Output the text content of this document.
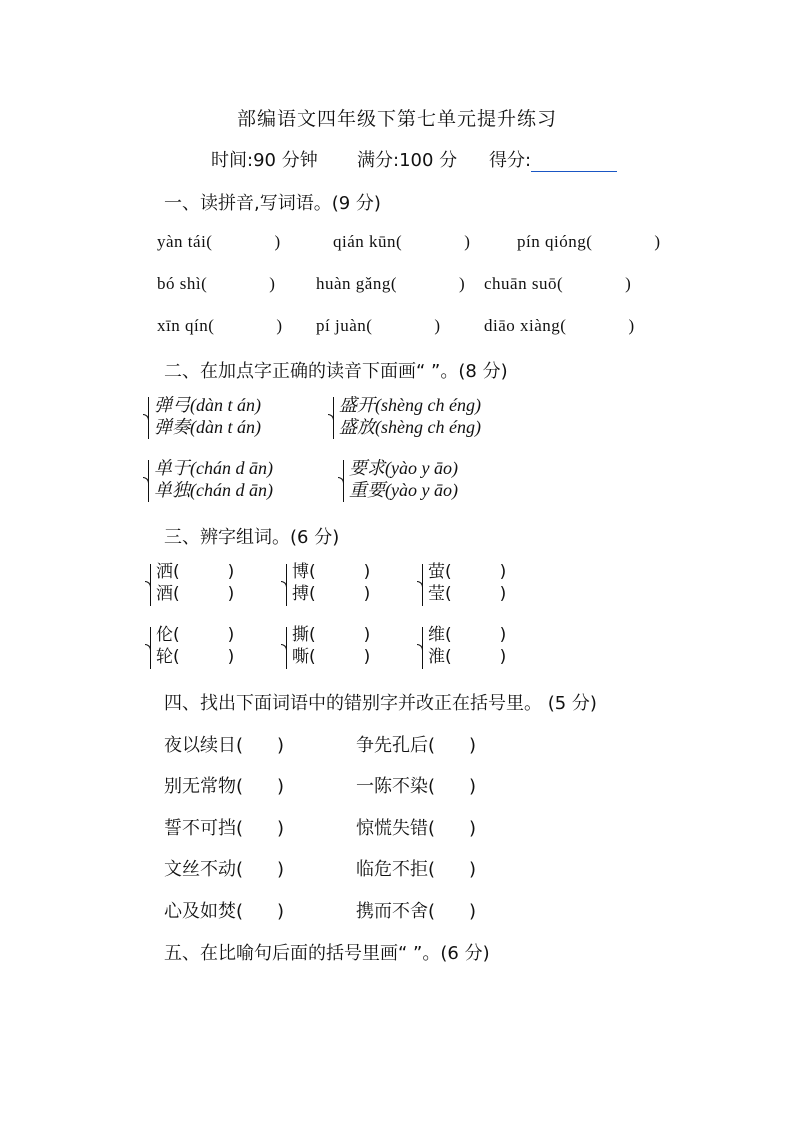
部编语文四年级下第七单元提升练习
时间:90 分钟 满分:100 分 得分:
一、读拼音,写词语。(9 分)
yàn tái(	)	qián kūn(	)	pín qióng(	)
bó shì(	) huàn gǎng(	) chuān suō(	)
xīn qín(	) pí juàn(	)	diāo xiàng(	)
二、在加点字正确的读音下面画“ ”。(8 分)
弹弓(dàn t án)
弹奏(dàn t án)
盛开(shèng ch éng)
盛放(shèng ch éng)
单于(chán d ān)
单独(chán d ān)
要求(yào y āo)
重要(yào y āo)
三、辨字组词。(6 分)
洒(	)
酒(	)
博(	)
搏(	)
萤(	)
莹(	)
伦(	)
轮(	)
撕(	)
嘶(	)
维(	)
淮(	)
四、找出下面词语中的错别字并改正在括号里。 (5 分)
夜以续日( )	争先孔后( )
别无常物( )	一陈不染( )
誓不可挡( )	惊慌失错( )
文丝不动( )	临危不拒( )
心及如焚( )	携而不舍( )
五、在比喻句后面的括号里画“ ”。(6 分)
